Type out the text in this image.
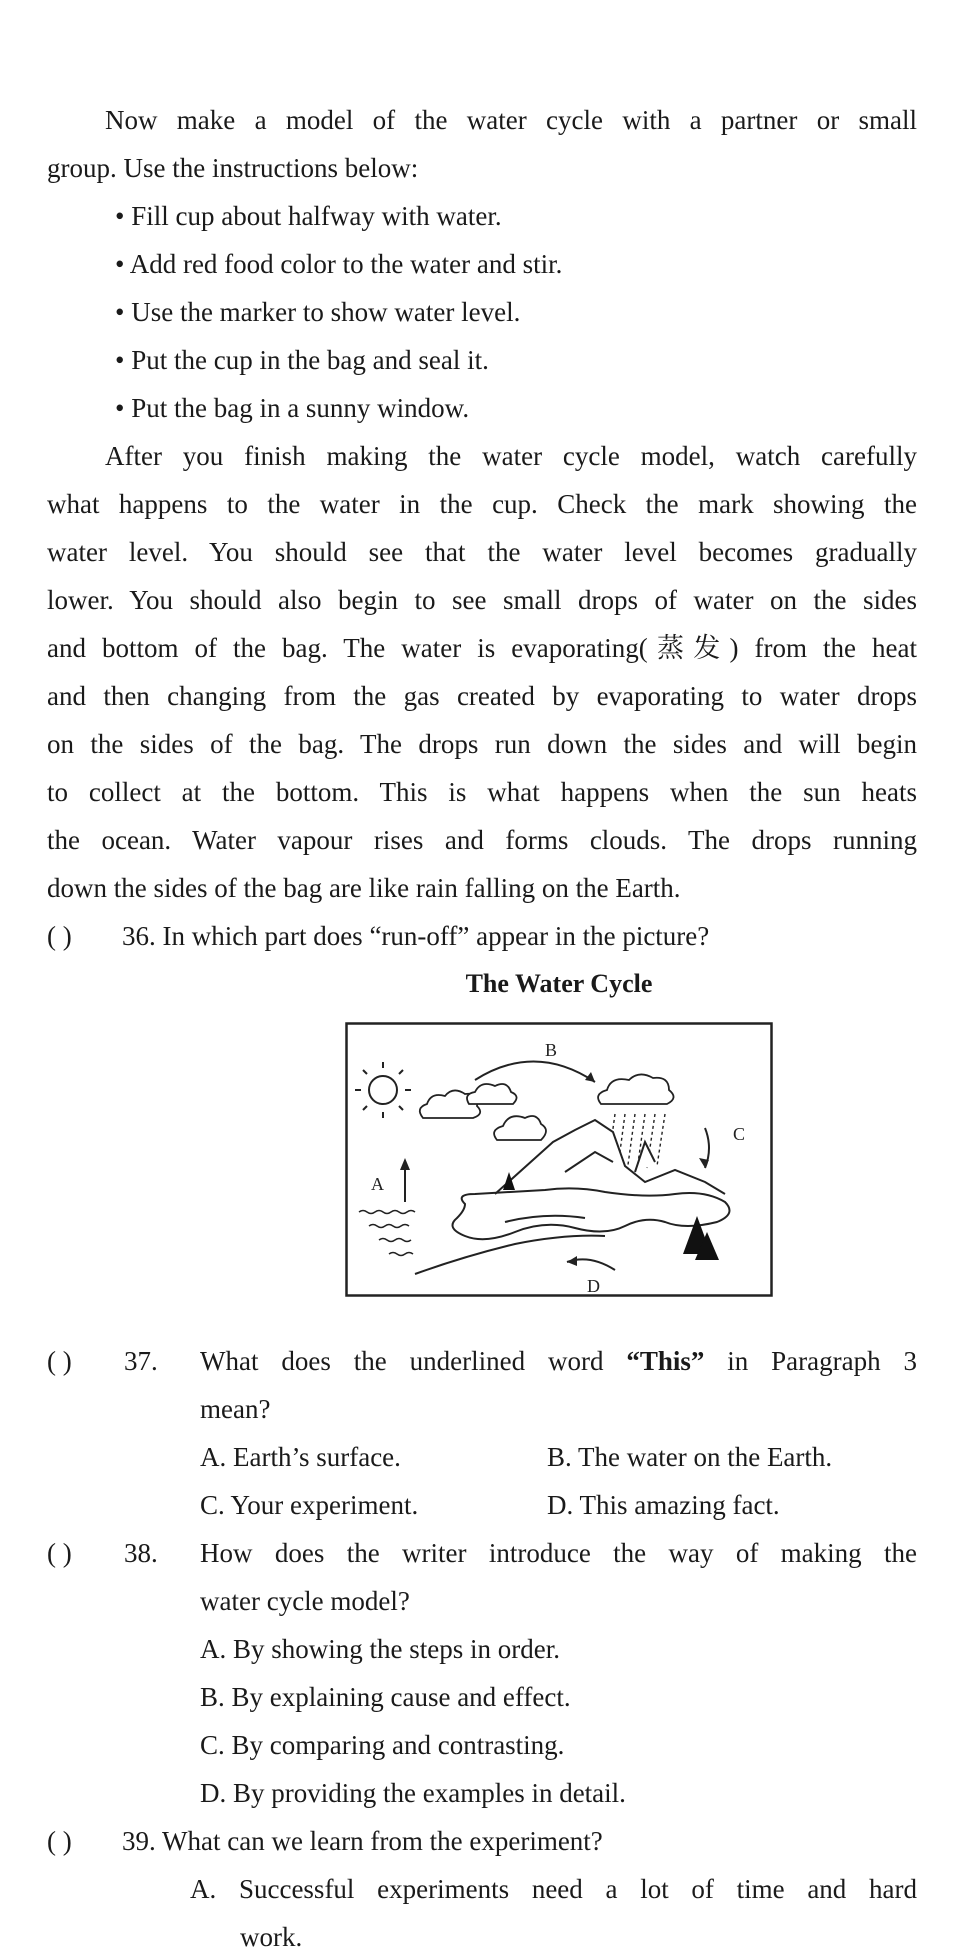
Now make a model of the water cycle with a partner or small
group. Use the instructions below:
• Fill cup about halfway with water.
• Add red food color to the water and stir.
• Use the marker to show water level.
• Put the cup in the bag and seal it.
• Put the bag in a sunny window.
After you finish making the water cycle model, watch carefully
what happens to the water in the cup. Check the mark showing the
water level. You should see that the water level becomes gradually
lower. You should also begin to see small drops of water on the sides
and bottom of the bag. The water is evaporating(蒸发) from the heat
and then changing from the gas created by evaporating to water drops
on the sides of the bag. The drops run down the sides and will begin
to collect at the bottom. This is what happens when the sun heats
the ocean. Water vapour rises and forms clouds. The drops running
down the sides of the bag are like rain falling on the Earth.
( ) 36. In which part does “run-off” appear in the picture?
The Water Cycle
B
C
A
D
( ) 37. What does the underlined word “This” in Paragraph 3
mean?
A. Earth’s surface.	B. The water on the Earth.
C. Your experiment.	D. This amazing fact.
( ) 38. How does the writer introduce the way of making the
water cycle model?
A. By showing the steps in order.
B. By explaining cause and effect.
C. By comparing and contrasting.
D. By providing the examples in detail.
( ) 39. What can we learn from the experiment?
A. Successful experiments need a lot of time and hard
work.
